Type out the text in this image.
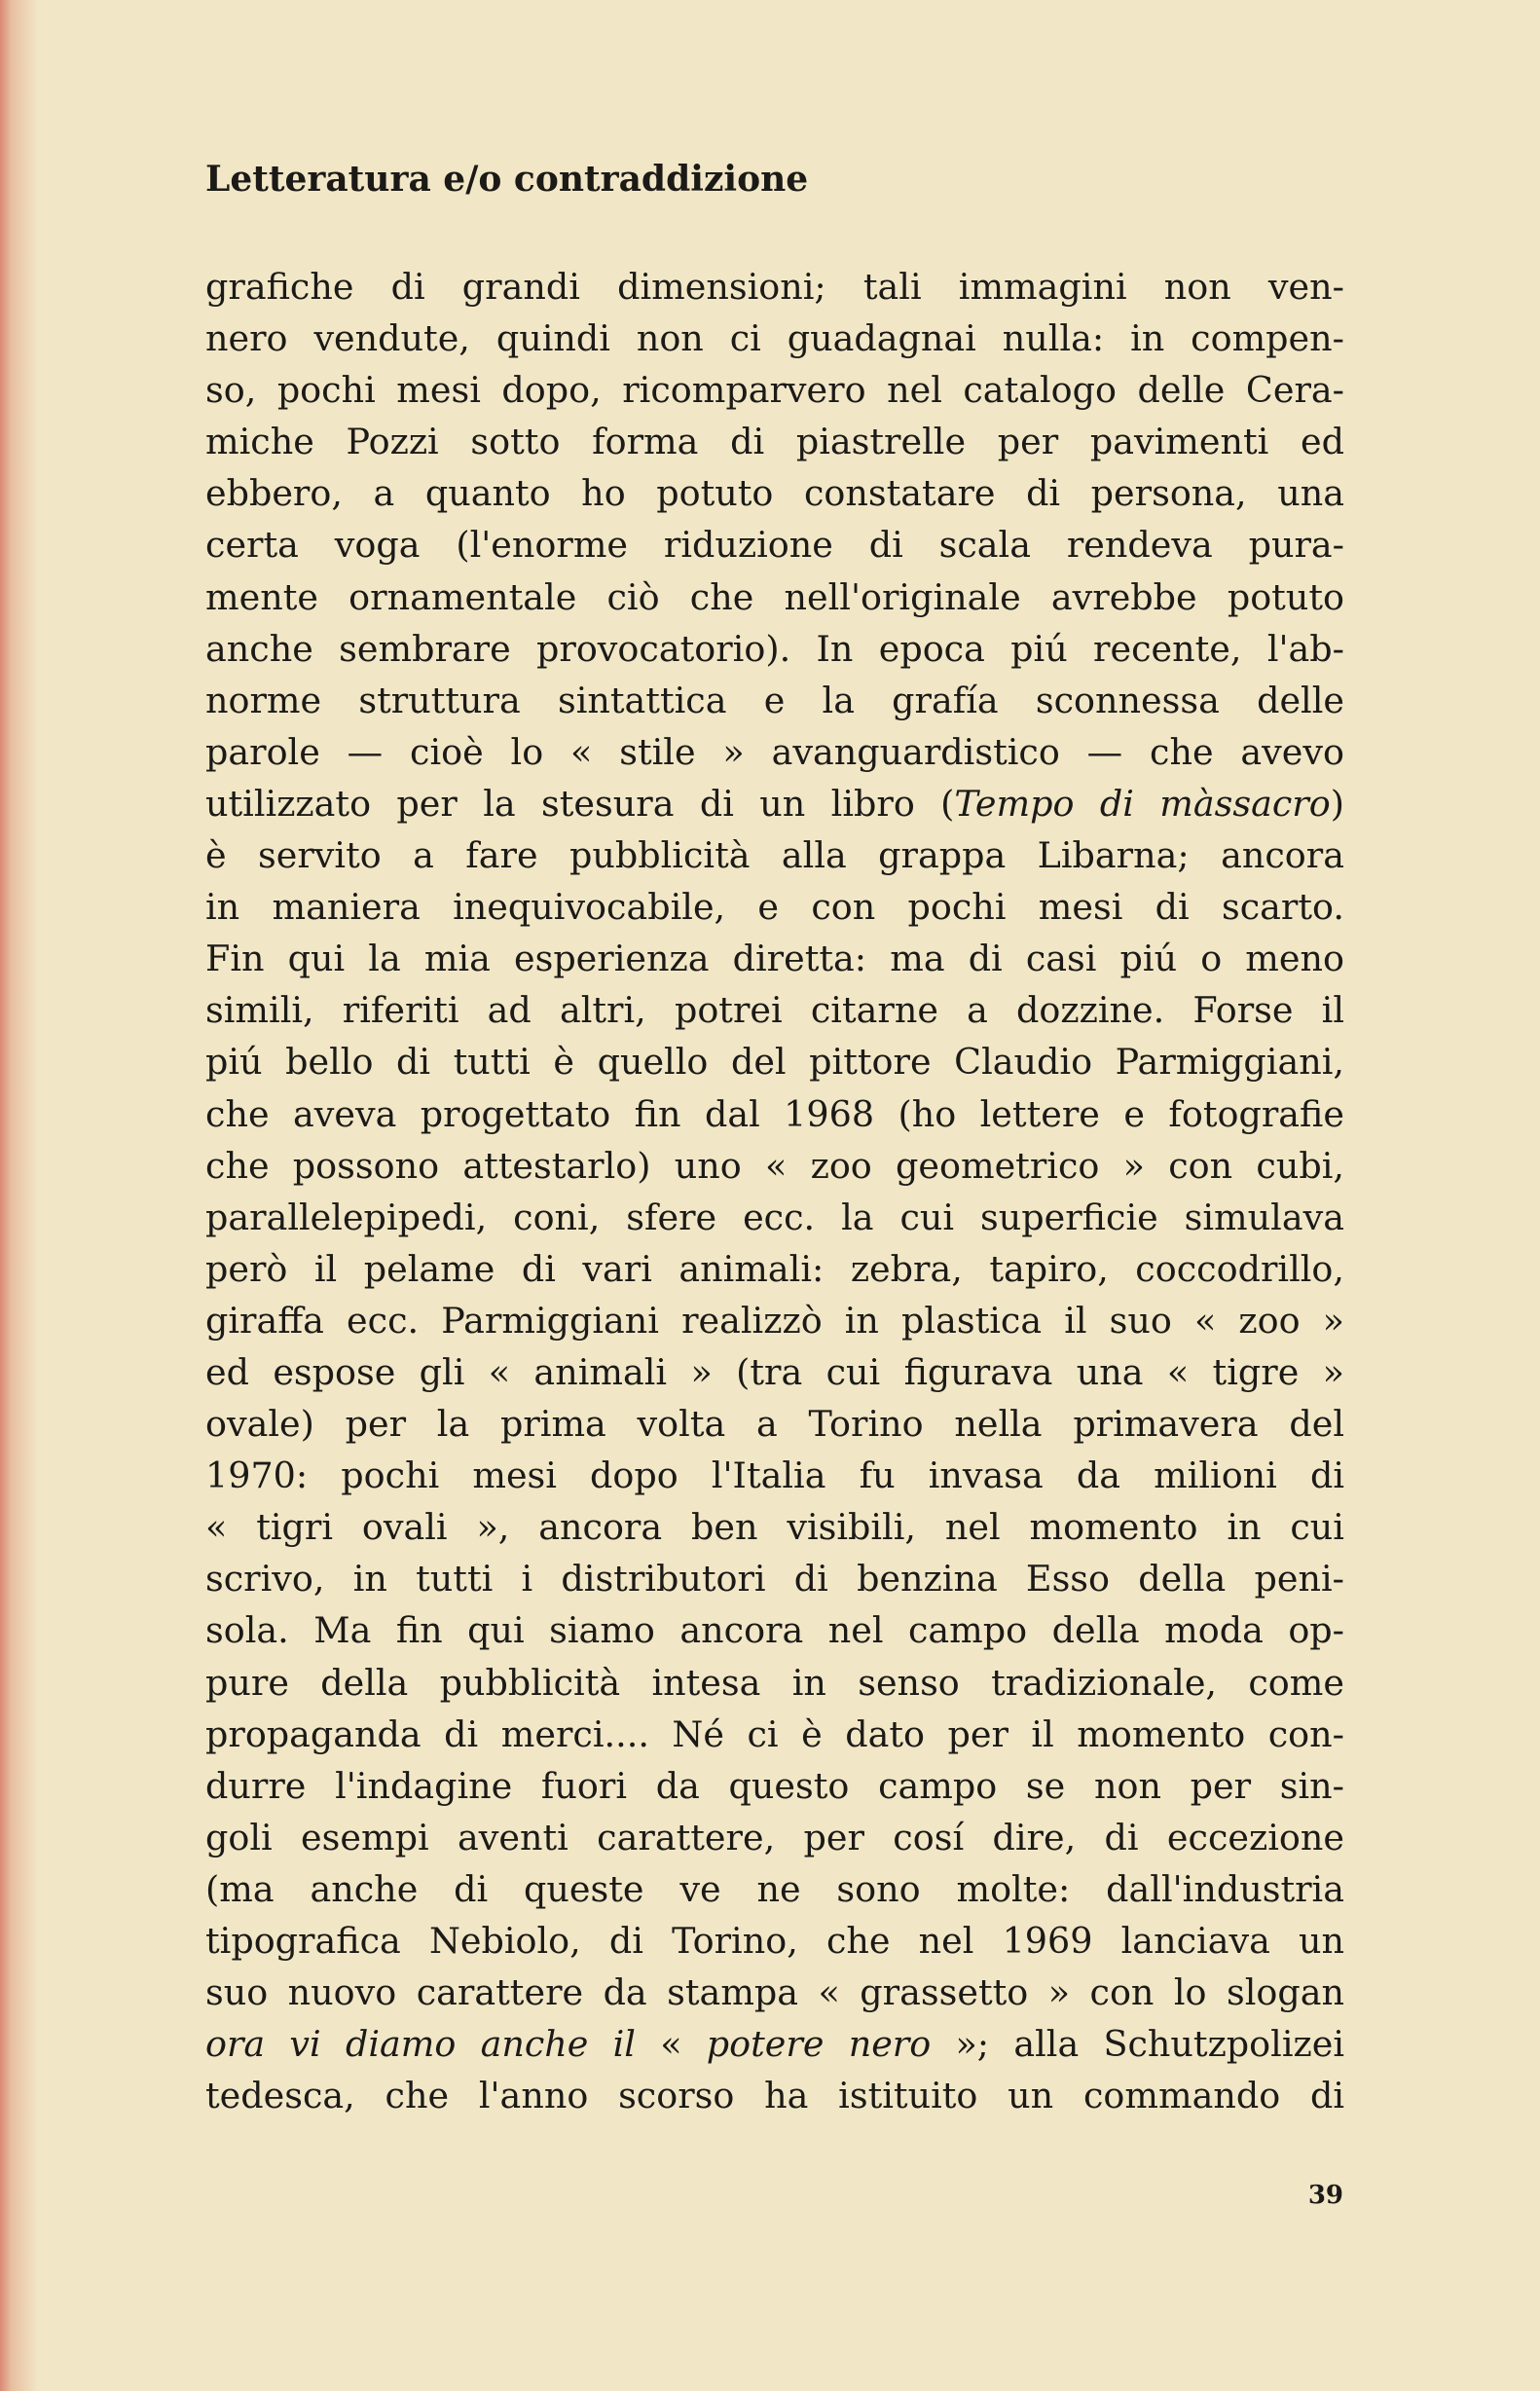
Letteratura e/o contraddizione
grafiche di grandi dimensioni; tali immagini non ven-
nero vendute, quindi non ci guadagnai nulla: in compen-
so, pochi mesi dopo, ricomparvero nel catalogo delle Cera-
miche Pozzi sotto forma di piastrelle per pavimenti ed
ebbero, a quanto ho potuto constatare di persona, una
certa voga (l'enorme riduzione di scala rendeva pura-
mente ornamentale ciò che nell'originale avrebbe potuto
anche sembrare provocatorio). In epoca piú recente, l'ab-
norme struttura sintattica e la grafía sconnessa delle
parole — cioè lo « stile » avanguardistico — che avevo
utilizzato per la stesura di un libro (Tempo di màssacro)
è servito a fare pubblicità alla grappa Libarna; ancora
in maniera inequivocabile, e con pochi mesi di scarto.
Fin qui la mia esperienza diretta: ma di casi piú o meno
simili, riferiti ad altri, potrei citarne a dozzine. Forse il
piú bello di tutti è quello del pittore Claudio Parmiggiani,
che aveva progettato fin dal 1968 (ho lettere e fotografie
che possono attestarlo) uno « zoo geometrico » con cubi,
parallelepipedi, coni, sfere ecc. la cui superficie simulava
però il pelame di vari animali: zebra, tapiro, coccodrillo,
giraffa ecc. Parmiggiani realizzò in plastica il suo « zoo »
ed espose gli « animali » (tra cui figurava una « tigre »
ovale) per la prima volta a Torino nella primavera del
1970: pochi mesi dopo l'Italia fu invasa da milioni di
« tigri ovali », ancora ben visibili, nel momento in cui
scrivo, in tutti i distributori di benzina Esso della peni-
sola. Ma fin qui siamo ancora nel campo della moda op-
pure della pubblicità intesa in senso tradizionale, come
propaganda di merci.... Né ci è dato per il momento con-
durre l'indagine fuori da questo campo se non per sin-
goli esempi aventi carattere, per cosí dire, di eccezione
(ma anche di queste ve ne sono molte: dall'industria
tipografica Nebiolo, di Torino, che nel 1969 lanciava un
suo nuovo carattere da stampa « grassetto » con lo slogan
ora vi diamo anche il « potere nero »; alla Schutzpolizei
tedesca, che l'anno scorso ha istituito un commando di
39
